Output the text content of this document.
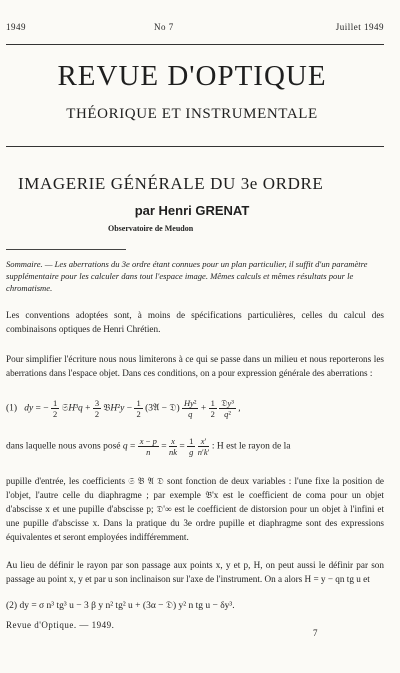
1949	No 7	Juillet 1949
REVUE D'OPTIQUE
THÉORIQUE ET INSTRUMENTALE
IMAGERIE GÉNÉRALE DU 3e ORDRE
par Henri GRENAT
Observatoire de Meudon
Sommaire. — Les aberrations du 3e ordre étant connues pour un plan particulier, il suffit d'un paramètre supplémentaire pour les calculer dans tout l'espace image. Mêmes calculs et mêmes résultats pour le chromatisme.

Les conventions adoptées sont, à moins de spécifications particulières, celles du calcul des combinaisons optiques de Henri Chrétien.

Pour simplifier l'écriture nous nous limiterons à ce qui se passe dans un milieu et nous reporterons les aberrations dans l'espace objet. Dans ces conditions, on a pour expression générale des aberrations :

(1) dy = − $\frac{1}{2}$ 𝔖H³q + $\frac{3}{2}$ 𝔅H²y − $\frac{1}{2}$ (3𝔄 − 𝔇) $\frac{\text{Hy²}}{q} + \frac{1}{2}$
$\frac{\text{𝔇y³}}{\text{q²}}$ ,
dans laquelle nous avons posé $q = \frac{x - p}{n} = \frac{x}{nk} = \frac{1}{g}$
$\frac{x'}{n'k'}$ : H est le rayon de la

pupille d'entrée, les coefficients 𝔖 𝔅 𝔄 𝔇 sont fonction de deux variables : l'une fixe la position de l'objet, l'autre celle du diaphragme ; par exemple 𝔅'x est le coefficient de coma pour un objet d'abscisse x et une pupille d'abscisse p; 𝔇'∞ est le coefficient de distorsion pour un objet à l'infini et une pupille d'abscisse x. Dans la pratique du 3e ordre pupille et diaphragme sont des expressions équivalentes et seront employées indifféremment.

Au lieu de définir le rayon par son passage aux points x, y et p, H, on peut aussi le définir par son passage au point x, y et par u son inclinaison sur l'axe de l'instrument. On a alors H = y − qn tg u et

(2) dy = σ n³ tg³ u − 3 β y n² tg² u + (3α − 𝔇) y² n tg u − δy³.
Revue d'Optique. — 1949.
7
